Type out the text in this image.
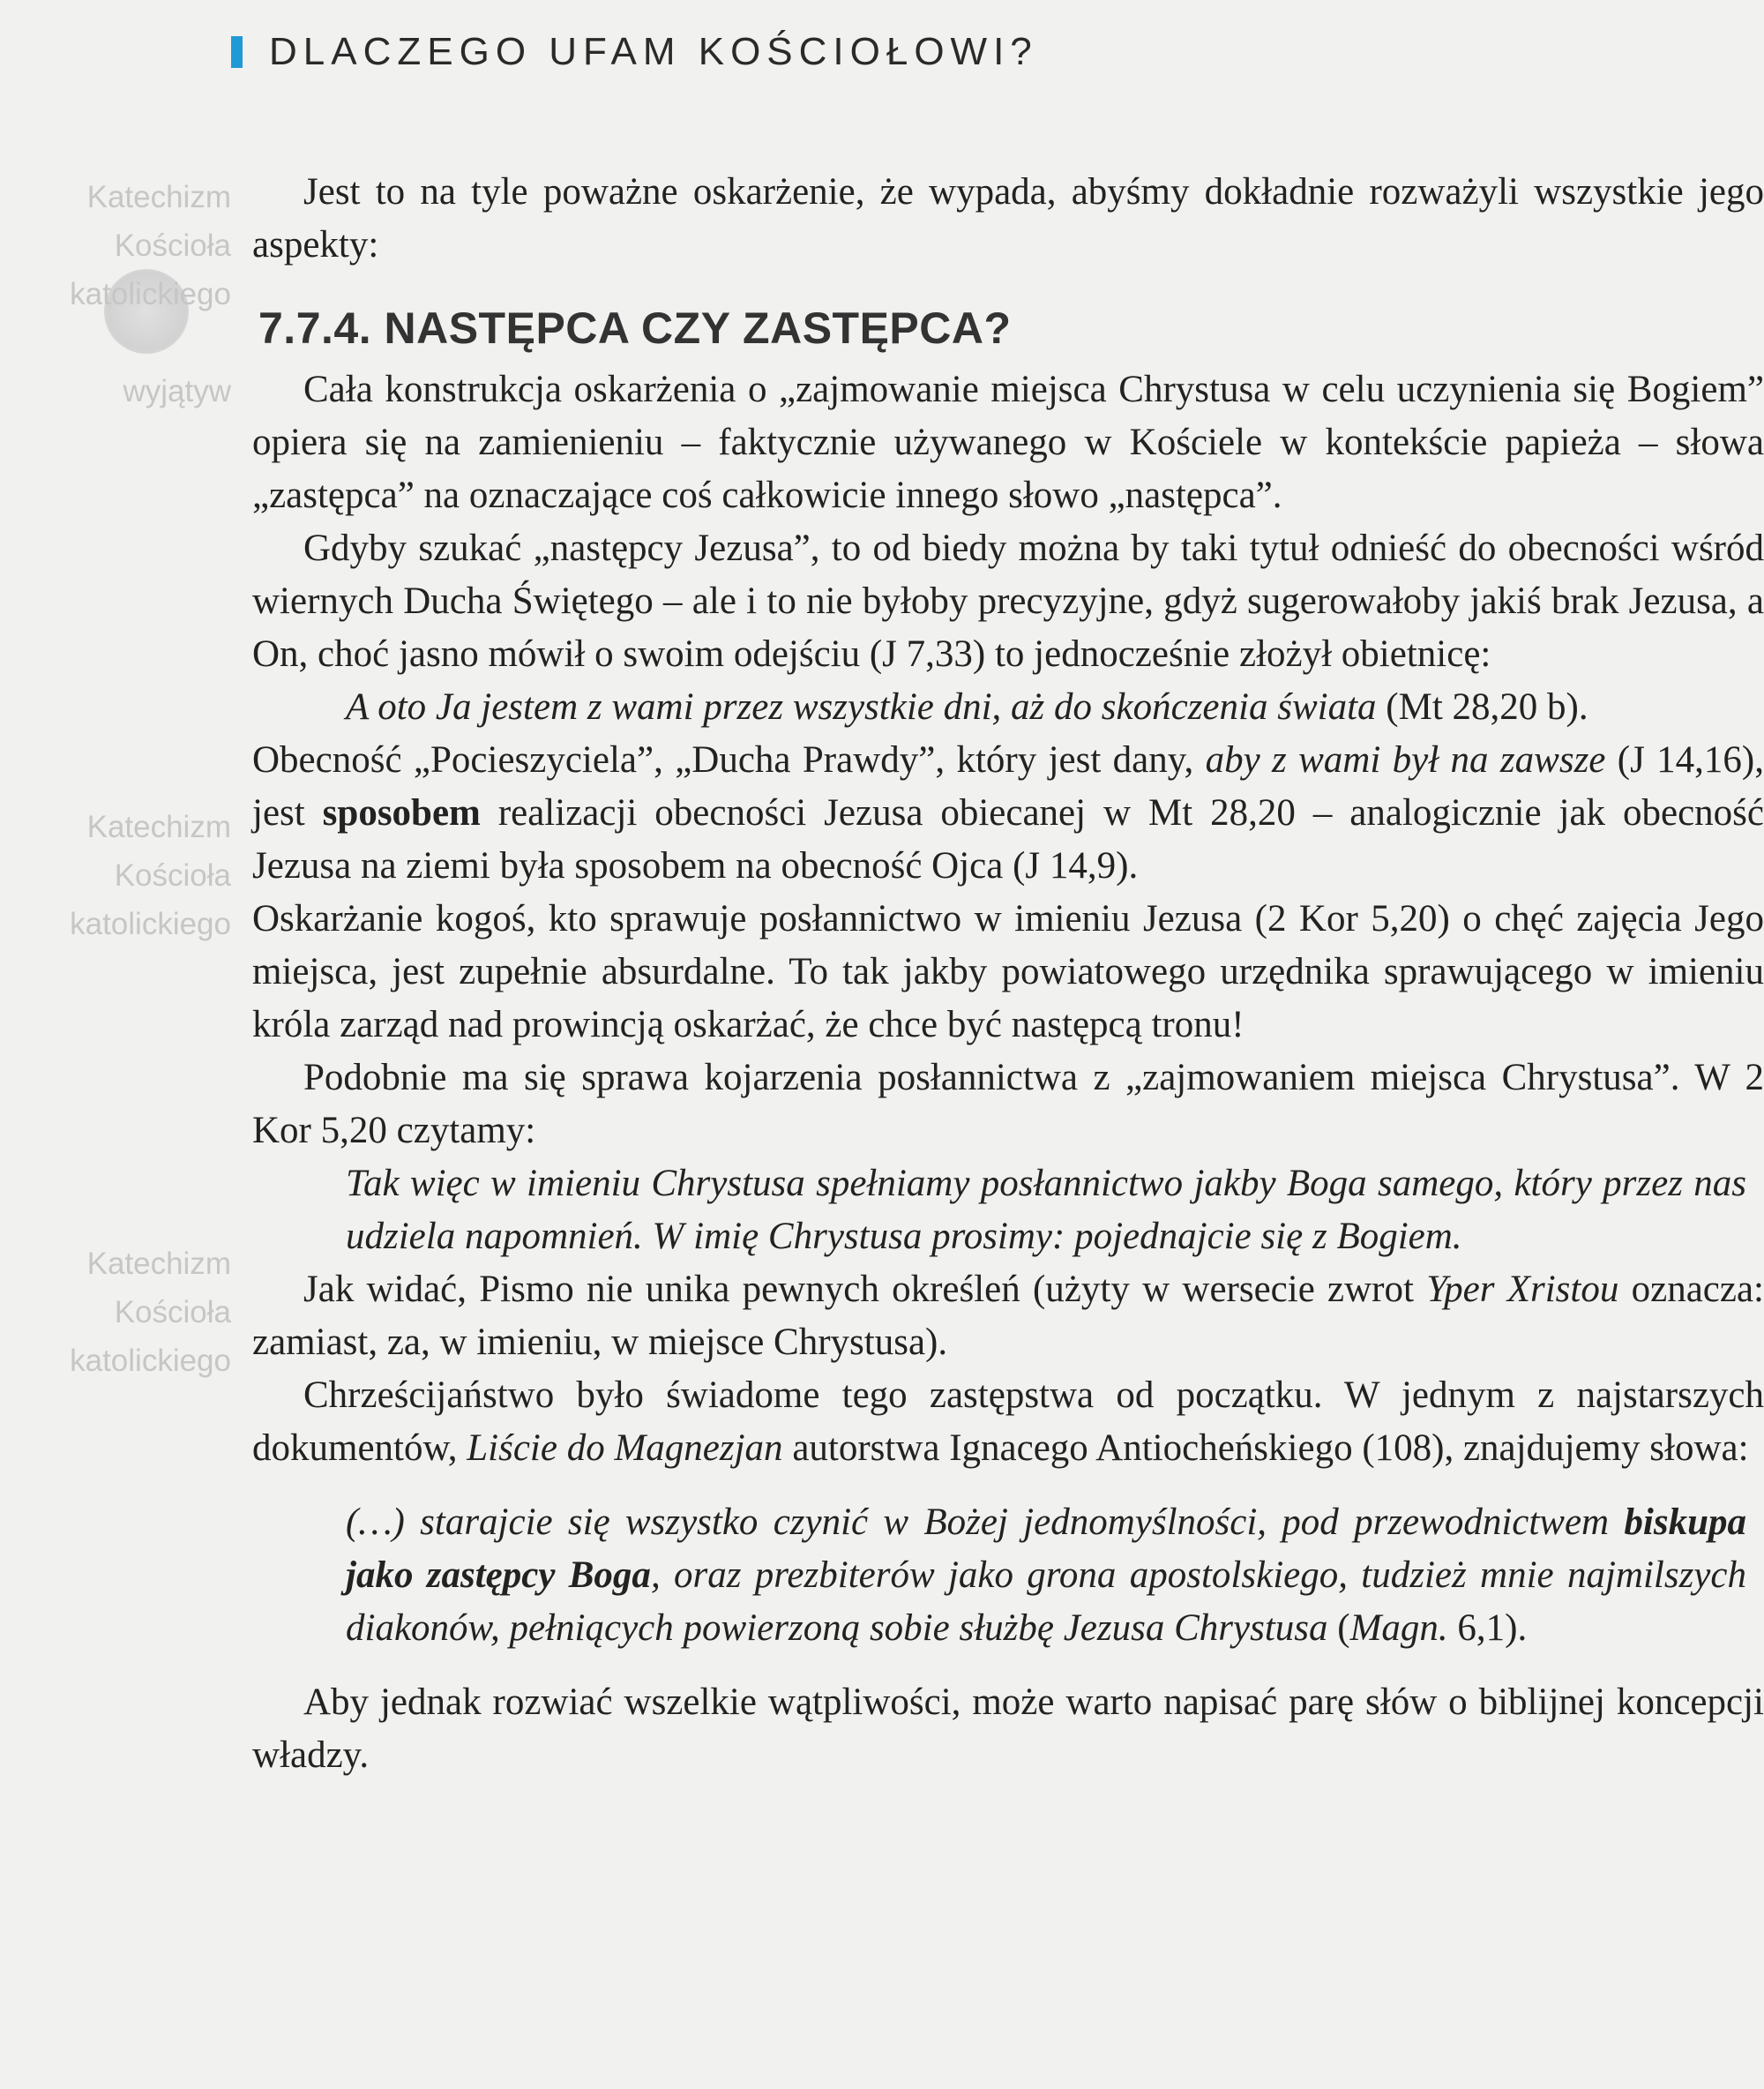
DLACZEGO UFAM KOŚCIOŁOWI?
Katechizm
Kościoła
katolickiego

wyjątyw
Katechizm
Kościoła
katolickiego
Katechizm
Kościoła
katolickiego

Jest to na tyle poważne oskarżenie, że wypada, abyśmy dokładnie rozważyli wszystkie jego aspekty:

7.7.4. NASTĘPCA CZY ZASTĘPCA?

Cała konstrukcja oskarżenia o „zajmowanie miejsca Chrystusa w celu uczynienia się Bogiem” opiera się na zamienieniu – faktycznie używanego w Kościele w kontekście papieża – słowa „zastępca” na oznaczające coś całkowicie innego słowo „następca”.

Gdyby szukać „następcy Jezusa”, to od biedy można by taki tytuł odnieść do obecności wśród wiernych Ducha Świętego – ale i to nie byłoby precyzyjne, gdyż sugerowałoby jakiś brak Jezusa, a On, choć jasno mówił o swoim odejściu (J 7,33) to jednocześnie złożył obietnicę:

A oto Ja jestem z wami przez wszystkie dni, aż do skończenia świata (Mt 28,20 b).

Obecność „Pocieszyciela”, „Ducha Prawdy”, który jest dany, aby z wami był na zawsze (J 14,16), jest sposobem realizacji obecności Jezusa obiecanej w Mt 28,20 – analogicznie jak obecność Jezusa na ziemi była sposobem na obecność Ojca (J 14,9).

Oskarżanie kogoś, kto sprawuje posłannictwo w imieniu Jezusa (2 Kor 5,20) o chęć zajęcia Jego miejsca, jest zupełnie absurdalne. To tak jakby powiatowego urzędnika sprawującego w imieniu króla zarząd nad prowincją oskarżać, że chce być następcą tronu!

Podobnie ma się sprawa kojarzenia posłannictwa z „zajmowaniem miejsca Chrystusa”. W 2 Kor 5,20 czytamy:

Tak więc w imieniu Chrystusa spełniamy posłannictwo jakby Boga samego, który przez nas udziela napomnień. W imię Chrystusa prosimy: pojednajcie się z Bogiem.

Jak widać, Pismo nie unika pewnych określeń (użyty w wersecie zwrot Yper Xristou oznacza: zamiast, za, w imieniu, w miejsce Chrystusa).

Chrześcijaństwo było świadome tego zastępstwa od początku. W jednym z najstarszych dokumentów, Liście do Magnezjan autorstwa Ignacego Antiocheńskiego (108), znajdujemy słowa:

(…) starajcie się wszystko czynić w Bożej jednomyślności, pod przewodnictwem biskupa jako zastępcy Boga, oraz prezbiterów jako grona apostolskiego, tudzież mnie najmilszych diakonów, pełniących powierzoną sobie służbę Jezusa Chrystusa (Magn. 6,1).

Aby jednak rozwiać wszelkie wątpliwości, może warto napisać parę słów o biblijnej koncepcji władzy.
